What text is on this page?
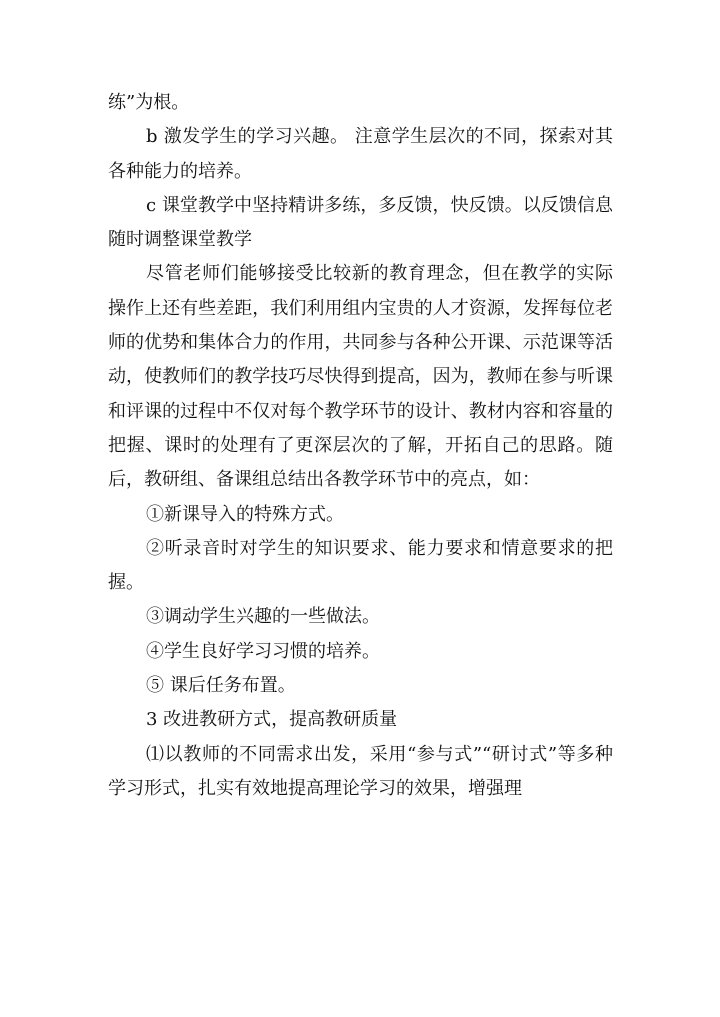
练”为根。

b 激发学生的学习兴趣。 注意学生层次的不同，探索对其各种能力的培养。

c 课堂教学中坚持精讲多练，多反馈，快反馈。以反馈信息随时调整课堂教学

尽管老师们能够接受比较新的教育理念，但在教学的实际操作上还有些差距，我们利用组内宝贵的人才资源，发挥每位老师的优势和集体合力的作用，共同参与各种公开课、示范课等活动，使教师们的教学技巧尽快得到提高，因为，教师在参与听课和评课的过程中不仅对每个教学环节的设计、教材内容和容量的把握、课时的处理有了更深层次的了解，开拓自己的思路。随后，教研组、备课组总结出各教学环节中的亮点，如：

①新课导入的特殊方式。

②听录音时对学生的知识要求、能力要求和情意要求的把握。

③调动学生兴趣的一些做法。

④学生良好学习习惯的培养。

⑤ 课后任务布置。

3 改进教研方式，提高教研质量

⑴以教师的不同需求出发，采用“参与式”“研讨式”等多种学习形式，扎实有效地提高理论学习的效果，增强理
